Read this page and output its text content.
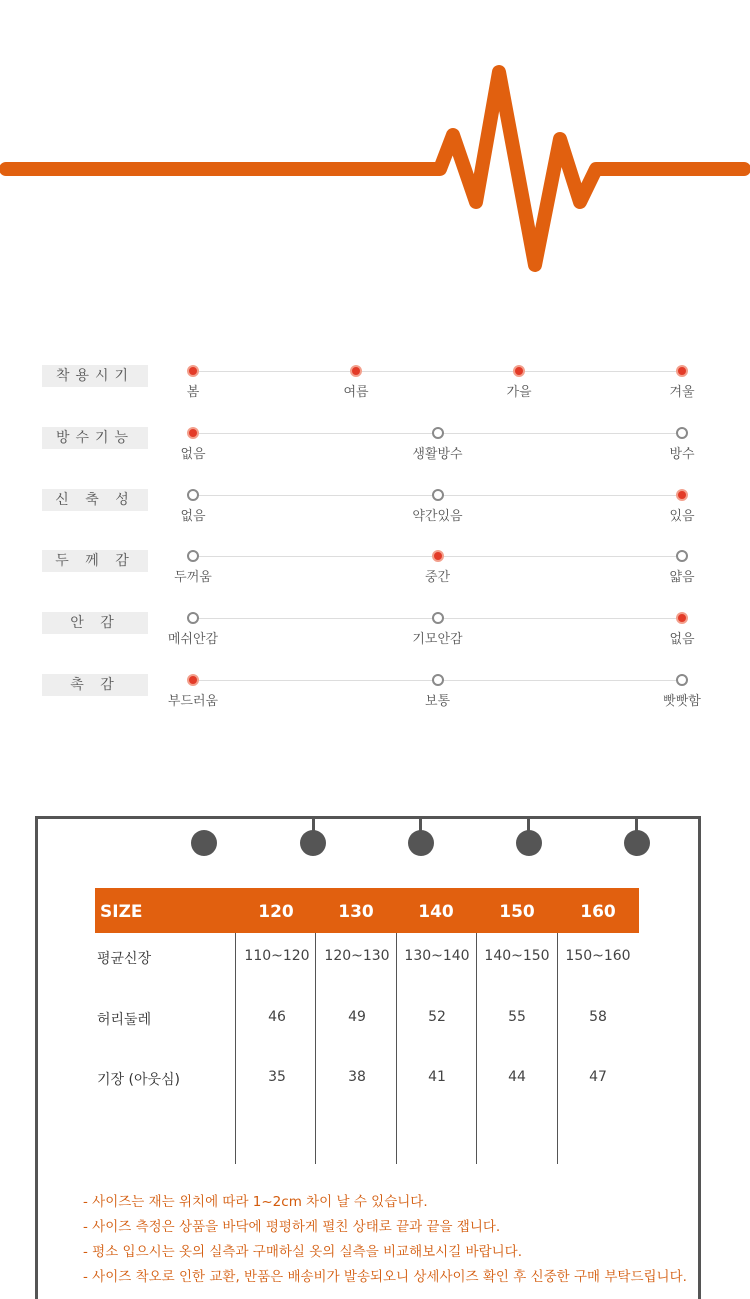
착용시기
봄	여름	가을	겨울
방수기능
없음	생활방수	방수
신 축 성
없음	약간있음	있음
두 께 감
두꺼움	중간	얇음
안 감
메쉬안감	기모안감	없음
촉 감
부드러움	보통	빳빳함
SIZE	120	130	140	150	160
평균신장	110~120	120~130	130~140	140~150	150~160
허리둘레	46	49	52	55	58
기장 (아웃심)	35	38	41	44	47
- 사이즈는 재는 위치에 따라 1~2cm 차이 날 수 있습니다.
- 사이즈 측정은 상품을 바닥에 평평하게 펼친 상태로 끝과 끝을 잽니다.
- 평소 입으시는 옷의 실측과 구매하실 옷의 실측을 비교해보시길 바랍니다.
- 사이즈 착오로 인한 교환, 반품은 배송비가 발송되오니 상세사이즈 확인 후 신중한 구매 부탁드립니다.
